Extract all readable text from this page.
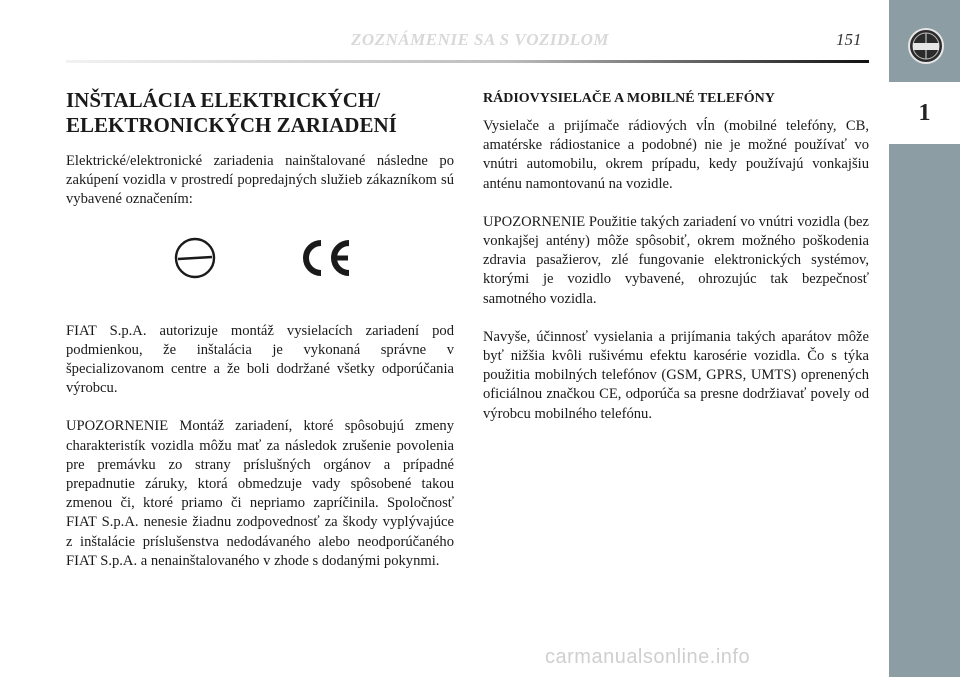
ZOZNÁMENIE SA S VOZIDLOM	151
1
INŠTALÁCIA ELEKTRICKÝCH/
ELEKTRONICKÝCH ZARIADENÍ

Elektrické/elektronické zariadenia nainštalované následne po zakúpení vozidla v prostredí popredajných služieb zákazníkom sú vybavené označením:

FIAT S.p.A. autorizuje montáž vysielacích zariadení pod podmienkou, že inštalácia je vykonaná správne v špecializovanom centre a že boli dodržané všetky odporúčania výrobcu.

UPOZORNENIE Montáž zariadení, ktoré spôsobujú zmeny charakteristík vozidla môžu mať za následok zrušenie povolenia pre premávku zo strany príslušných orgánov a prípadné prepadnutie záruky, ktorá obmedzuje vady spôsobené takou zmenou či, ktoré priamo či nepriamo zapríčinila. Spoločnosť FIAT S.p.A. nenesie žiadnu zodpovednosť za škody vyplývajúce z inštalácie príslušenstva nedodávaného alebo neodporúčaného FIAT S.p.A. a nenainštalovaného v zhode s dodanými pokynmi.

RÁDIOVYSIELAČE A MOBILNÉ TELEFÓNY

Vysielače a prijímače rádiových vĺn (mobilné telefóny, CB, amatérske rádiostanice a podobné) nie je možné používať vo vnútri automobilu, okrem prípadu, kedy používajú vonkajšiu anténu namontovanú na vozidle.

UPOZORNENIE Použitie takých zariadení vo vnútri vozidla (bez vonkajšej antény) môže spôsobiť, okrem možného poškodenia zdravia pasažierov, zlé fungovanie elektronických systémov, ktorými je vozidlo vybavené, ohrozujúc tak bezpečnosť samotného vozidla.

Navyše, účinnosť vysielania a prijímania takých aparátov môže byť nižšia kvôli rušivému efektu karosérie vozidla. Čo s týka použitia mobilných telefónov (GSM, GPRS, UMTS) oprenených oficiálnou značkou CE, odporúča sa presne dodržiavať povely od výrobcu mobilného telefónu.

carmanualsonline.info
